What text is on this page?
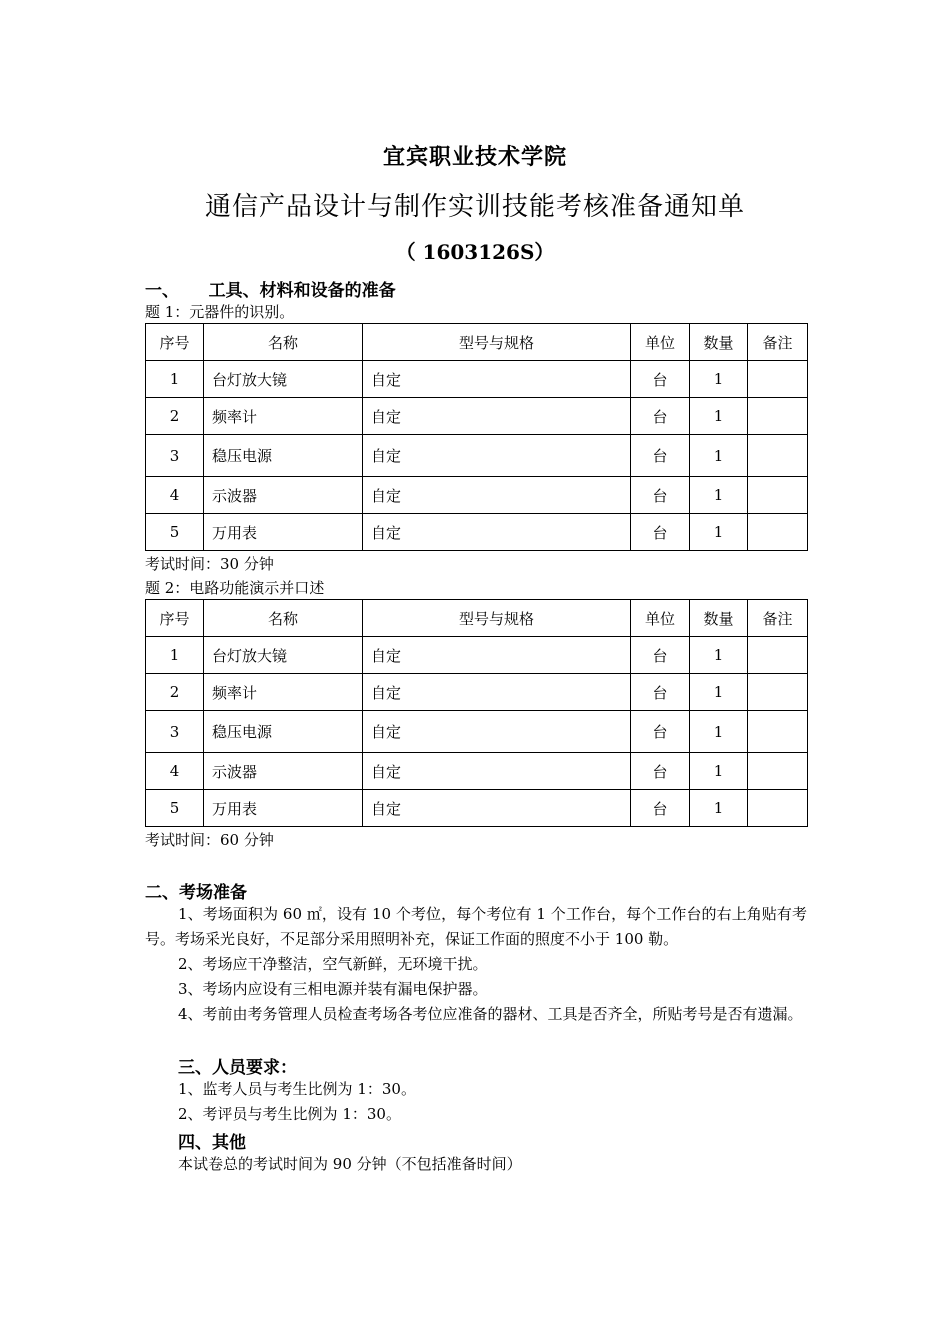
宜宾职业技术学院
通信产品设计与制作实训技能考核准备通知单
（ 1603126S）
一、     工具、材料和设备的准备
题 1：元器件的识别。
序号	名称	型号与规格	单位	数量	备注
1	台灯放大镜	自定	台	1	
2	频率计	自定	台	1	
3	稳压电源	自定	台	1	
4	示波器	自定	台	1	
5	万用表	自定	台	1	
考试时间：30 分钟
题 2：电路功能演示并口述
序号	名称	型号与规格	单位	数量	备注
1	台灯放大镜	自定	台	1	
2	频率计	自定	台	1	
3	稳压电源	自定	台	1	
4	示波器	自定	台	1	
5	万用表	自定	台	1	
考试时间：60 分钟
二、考场准备
1、考场面积为 60 ㎡，设有 10 个考位，每个考位有 1 个工作台，每个工作台的右上角贴有考号。考场采光良好，不足部分采用照明补充，保证工作面的照度不小于 100 勒。
2、考场应干净整洁，空气新鲜，无环境干扰。
3、考场内应设有三相电源并装有漏电保护器。
4、考前由考务管理人员检查考场各考位应准备的器材、工具是否齐全，所贴考号是否有遗漏。
三、人员要求：
1、监考人员与考生比例为 1：30。
2、考评员与考生比例为 1：30。
四、其他
本试卷总的考试时间为 90 分钟（不包括准备时间）
